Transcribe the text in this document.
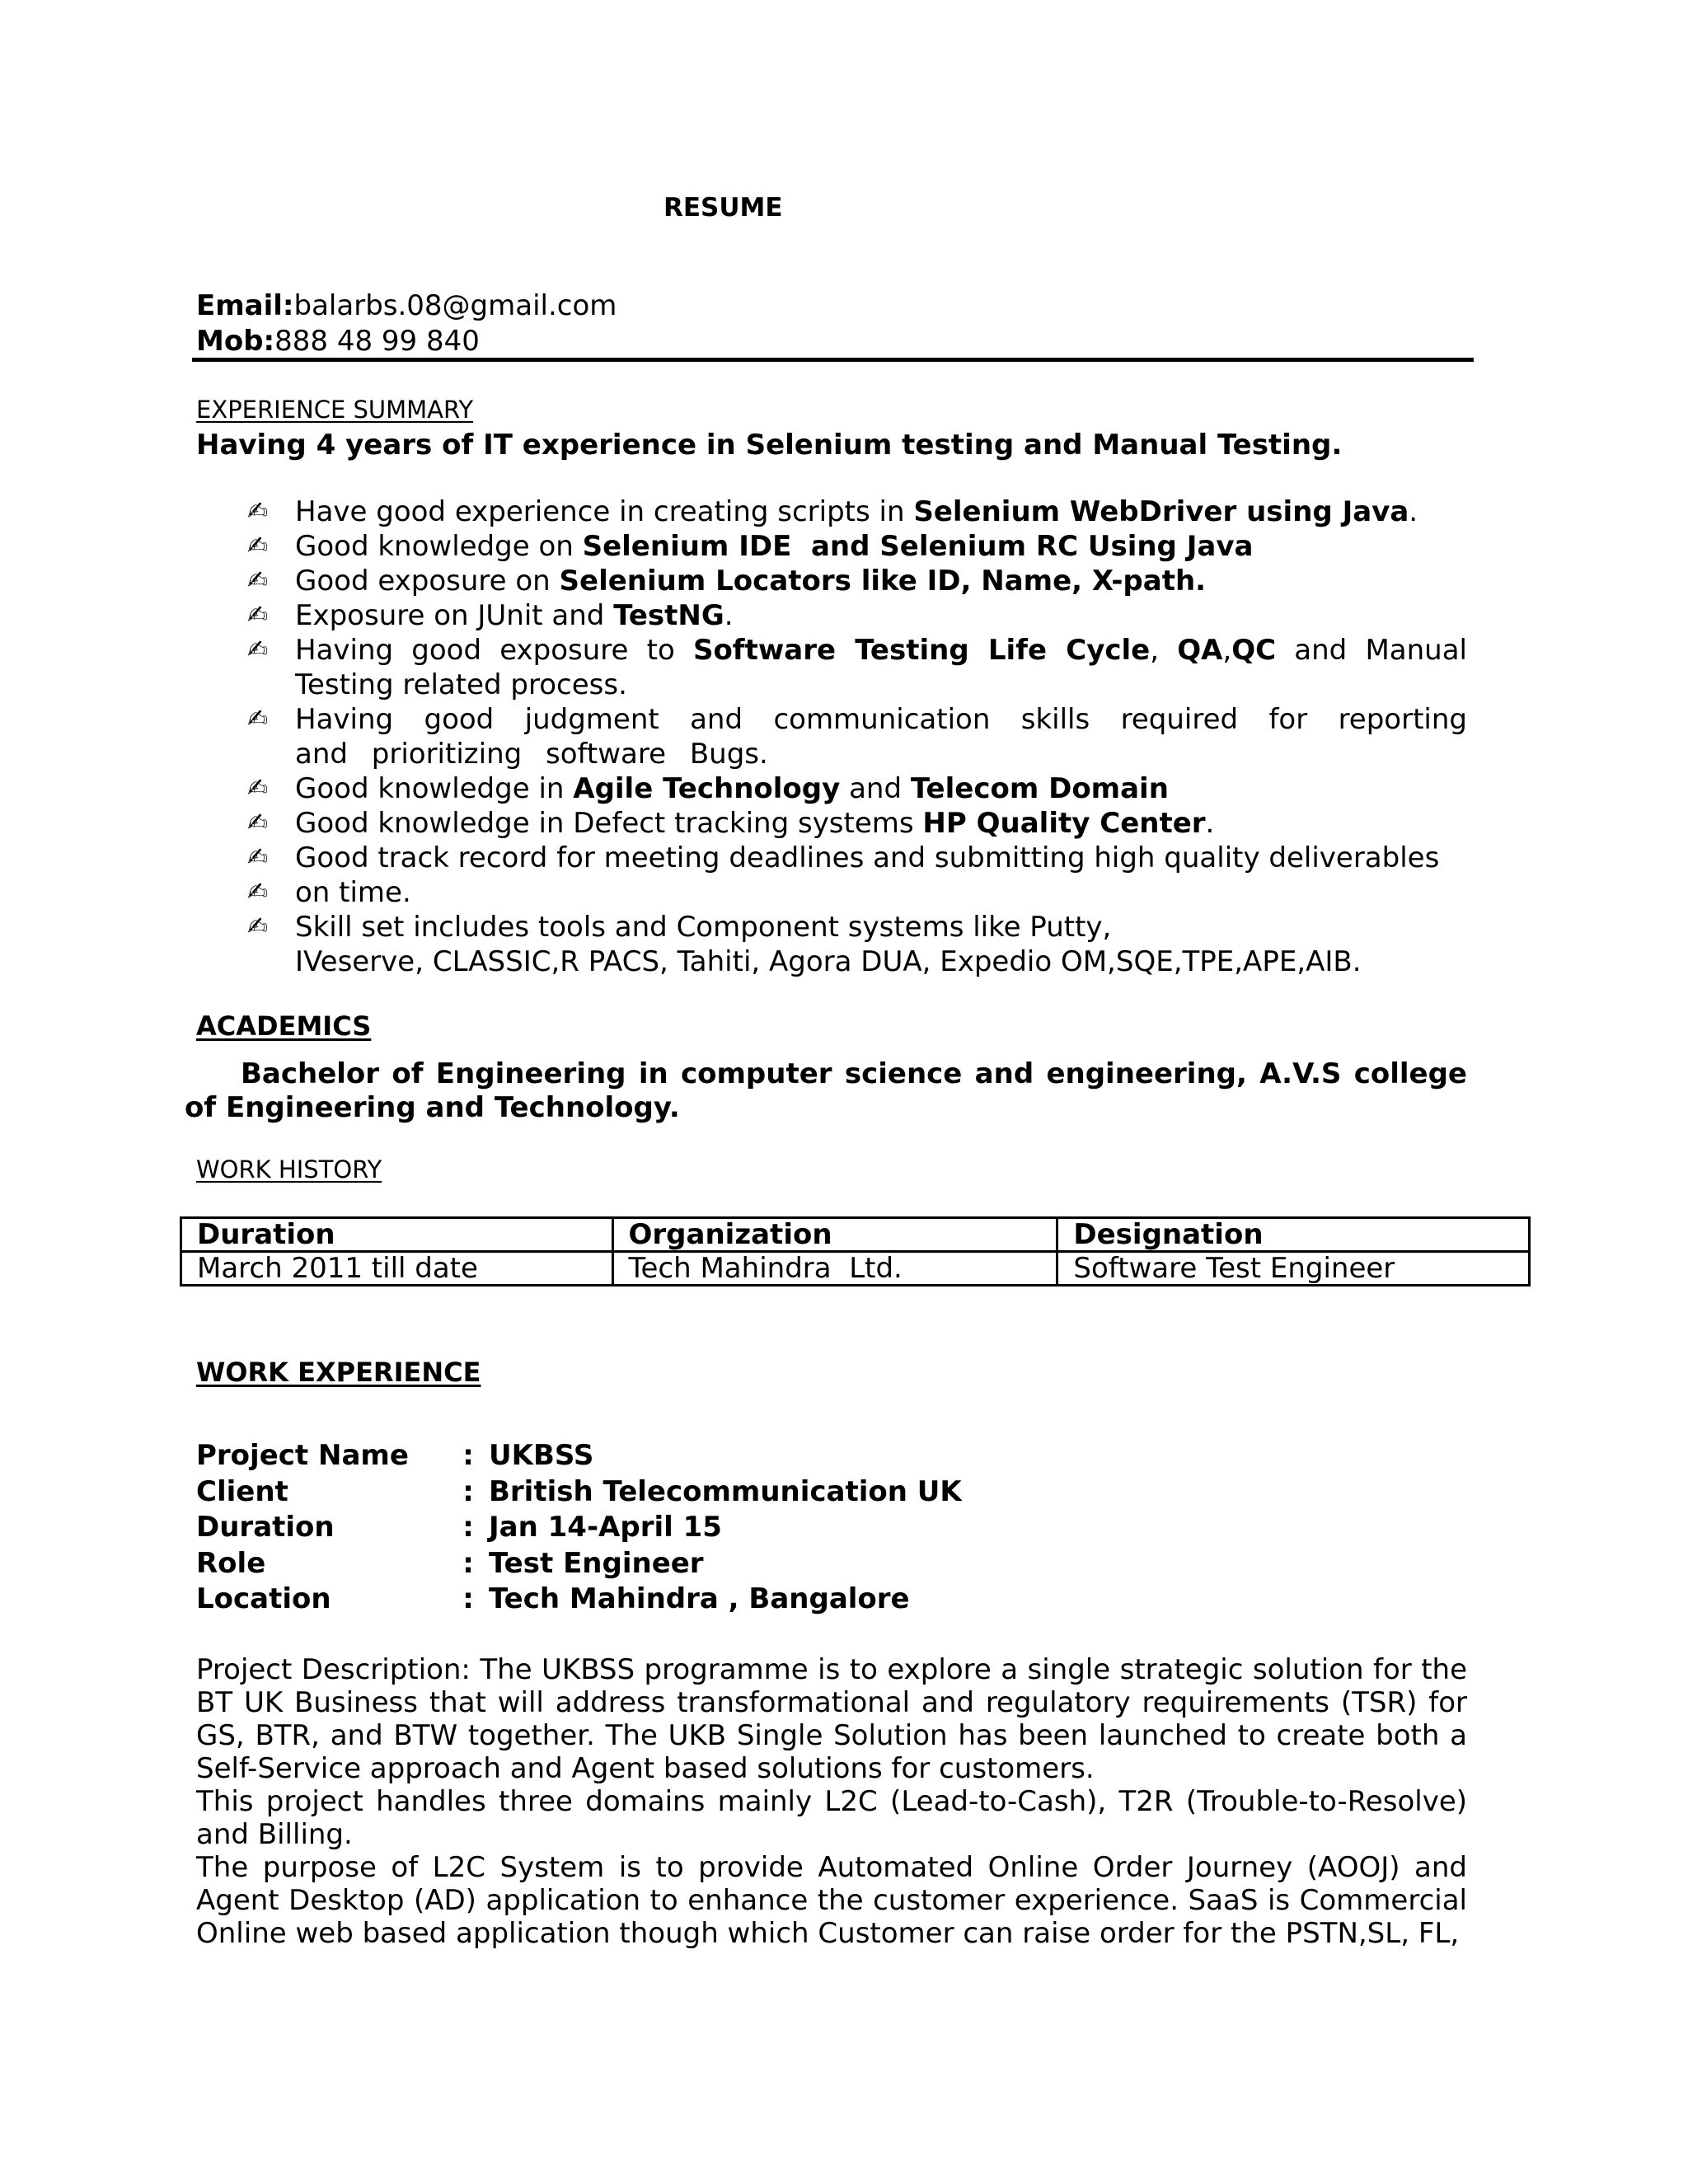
RESUME
Email:balarbs.08@gmail.com
Mob:888 48 99 840
EXPERIENCE SUMMARY
Having 4 years of IT experience in Selenium testing and Manual Testing.
✍ Have good experience in creating scripts in Selenium WebDriver using Java.
✍ Good knowledge on Selenium IDE  and Selenium RC Using Java
✍ Good exposure on Selenium Locators like ID, Name, X-path.
✍ Exposure on JUnit and TestNG.
✍ Having good exposure to Software Testing Life Cycle, QA,QC and Manual Testing related process.
✍ Having good judgment and communication skills required for reporting and prioritizing software Bugs.
✍ Good knowledge in Agile Technology and Telecom Domain
✍ Good knowledge in Defect tracking systems HP Quality Center.
✍ Good track record for meeting deadlines and submitting high quality deliverables
✍ on time.
✍ Skill set includes tools and Component systems like Putty,
IVeserve, CLASSIC,R PACS, Tahiti, Agora DUA, Expedio OM,SQE,TPE,APE,AIB.
ACADEMICS
Bachelor of Engineering in computer science and engineering, A.V.S college of Engineering and Technology.
WORK HISTORY
Duration	Organization	Designation
March 2011 till date	Tech Mahindra  Ltd.	Software Test Engineer
WORK EXPERIENCE
Project Name : UKBSS
Client	: British Telecommunication UK
Duration	: Jan 14-April 15
Role	: Test Engineer
Location	: Tech Mahindra , Bangalore

Project Description: The UKBSS programme is to explore a single strategic solution for the BT UK Business that will address transformational and regulatory requirements (TSR) for GS, BTR, and BTW together. The UKB Single Solution has been launched to create both a Self-Service approach and Agent based solutions for customers.

This project handles three domains mainly L2C (Lead-to-Cash), T2R (Trouble-to-Resolve) and Billing.

The purpose of L2C System is to provide Automated Online Order Journey (AOOJ) and Agent Desktop (AD) application to enhance the customer experience. SaaS is Commercial Online web based application though which Customer can raise order for the PSTN,SL, FL,
